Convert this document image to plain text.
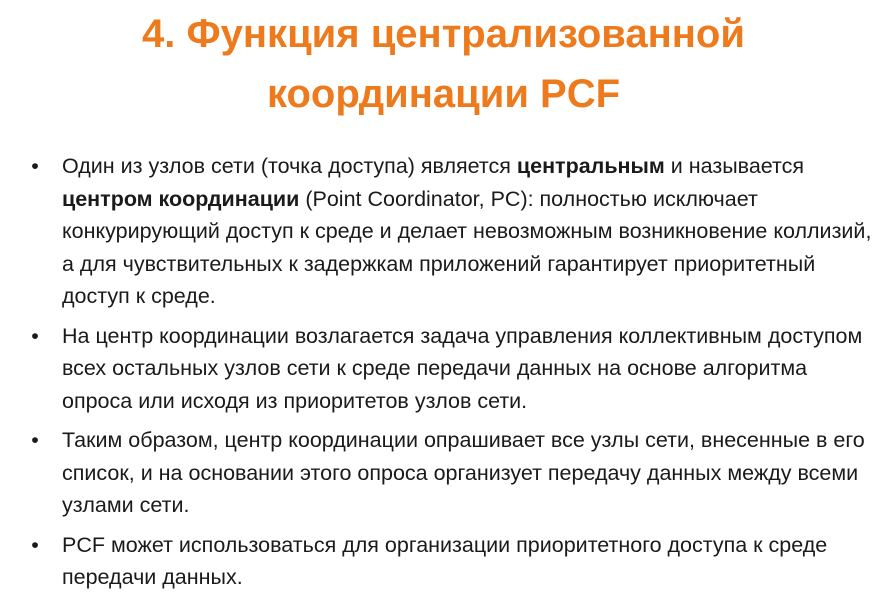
4. Функция централизованной
координации PCF
• Один из узлов сети (точка доступа) является центральным и называется центром координации (Point Coordinator, PC): полностью исключает конкурирующий доступ к среде и делает невозможным возникновение коллизий, а для чувствительных к задержкам приложений гарантирует приоритетный доступ к среде.
• На центр координации возлагается задача управления коллективным доступом всех остальных узлов сети к среде передачи данных на основе алгоритма опроса или исходя из приоритетов узлов сети.
• Таким образом, центр координации опрашивает все узлы сети, внесенные в его список, и на основании этого опроса организует передачу данных между всеми узлами сети.
• PCF может использоваться для организации приоритетного доступа к среде передачи данных.
